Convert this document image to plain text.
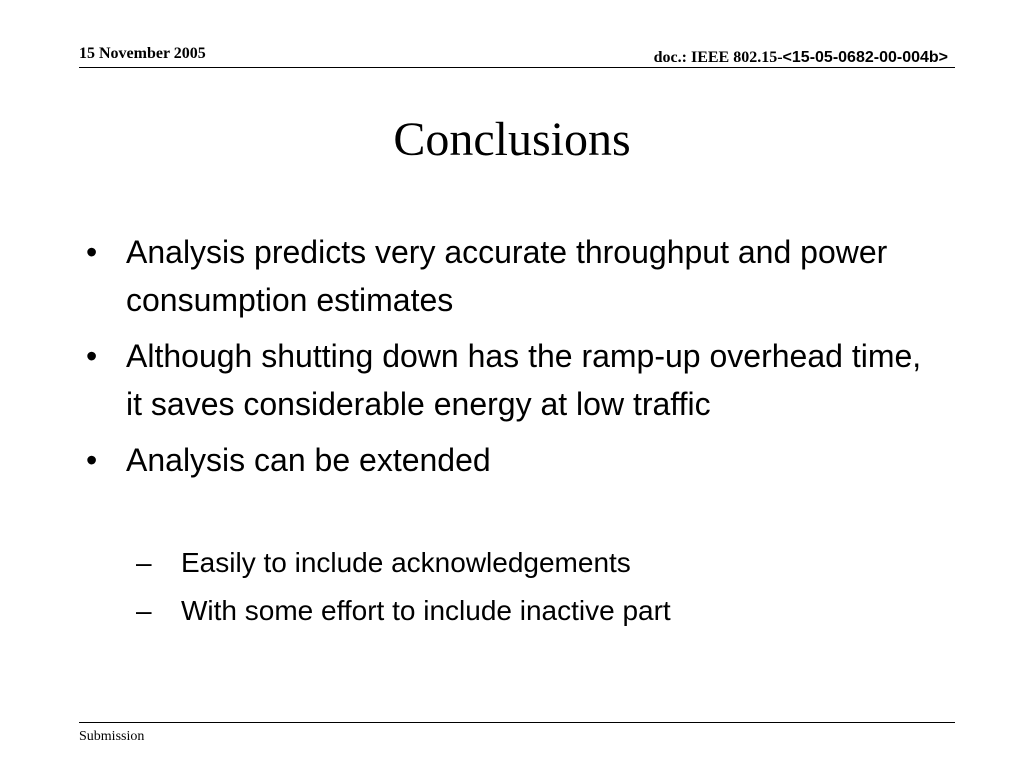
15 November 2005	doc.: IEEE 802.15-<15-05-0682-00-004b>
Conclusions
• Analysis predicts very accurate throughput and power consumption estimates
• Although shutting down has the ramp-up overhead time, it saves considerable energy at low traffic
• Analysis can be extended
– Easily to include acknowledgements
– With some effort to include inactive part
Submission
